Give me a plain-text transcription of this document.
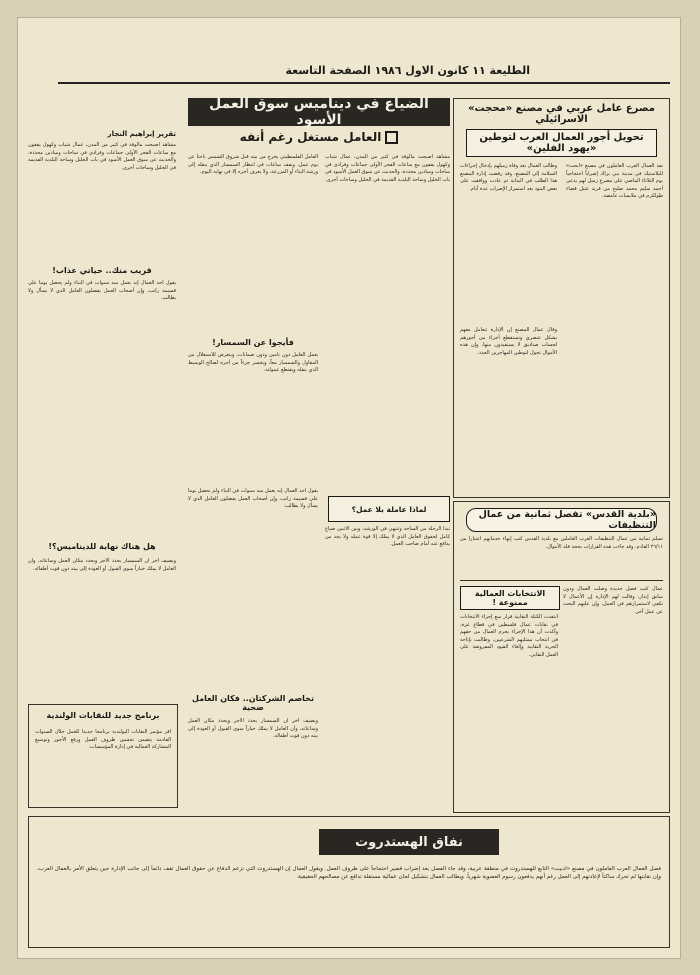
الطليعة ١١ كانون الاول ١٩٨٦ الصفحة التاسعة
مصرع عامل عربي في مصنع «محجت» الاسرائيلي
تحويل أجور العمال العرب لتوطين «يهود الفلين»
نفذ العمال العرب العاملون في مصنع «ابحت» للبلاستيك في مدينة بني براك إضراباً احتجاجياً يوم الثلاثاء الماضي على مصرع زميل لهم يدعى أحمد سليم محمد صليح من قرية عتيل قضاء طولكرم في ملابسات غامضة.
وطالب العمال بعد وفاة زميلهم بإدخال إجراءات السلامة إلى المصنع، وقد رفضت إدارة المصنع هذا الطلب في البداية ثم عادت ووافقت على بعض البنود بعد استمرار الإضراب عدة أيام.
وقال عمال المصنع إن الإدارة تتعامل معهم بشكل عنصري وتستقطع أجزاء من أجورهم لحساب صناديق لا يستفيدون منها، وإن هذه الأموال تحول لتوطين المهاجرين الجدد.
«بلدية القدس» تفصل ثمانية من عمال التنظيفات
تسلم ثمانية من عمال التنظيفات العرب العاملين مع بلدية القدس كتب إنهاء خدماتهم اعتباراً من ٢٦/١١ القادم، وقد جاءت هذه القرارات بحجة قلة الأموال.
عمال كتب فصل جديدة وصلت العمال ودون سابق إنذار، وقالت لهم الإدارة إن الأعمال لا تكفي لاستمرارهم في العمل، وإن عليهم البحث عن عمل آخر.
الانتخابات العمالية ممنوعة !
انتقدت الكتلة النقابية قرار منع إجراء الانتخابات في نقابات عمال فلسطين في قطاع غزة، وأكدت أن هذا الإجراء يحرم العمال من حقهم في انتخاب ممثليهم الشرعيين، وطالبت بإتاحة الحرية النقابية وإلغاء القيود المفروضة على العمل النقابي.
الضياع في ديناميس سوق العمل الأسود
العامل مستغل رغم أنفه
مشاهد أصبحت مألوفة في كثير من المدن، عمال شباب وكهول يقفون مع ساعات الفجر الأولى جماعات وفرادى في ساحات وميادين محددة، والحديث عن سوق العمل الأسود في باب الخليل وساحة البلدية القديمة في الخليل وساحات أخرى.
العامل الفلسطيني يخرج من بيته قبل شروق الشمس باحثاً عن يوم عمل، ويقف ساعات في انتظار السمسار الذي ينقله إلى ورشة البناء أو المزرعة، ولا يعرف أجره إلا في نهاية اليوم.
فأيجوا عن السمسار!
يعمل العامل دون تأمين ودون ضمانات، ويتعرض للاستغلال من المقاول والسمسار معاً، ويخسر جزءاً من أجره لصالح الوسيط الذي ينقله ويقتطع عمولته.
لماذا عاملة بلا عمل؟
تبدأ الرحلة من الساحة وتنتهي في الورشة، وبين الاثنين ضياع كامل لحقوق العامل الذي لا يملك إلا قوة عمله ولا يجد من يدافع عنه أمام صاحب العمل.
يقول أحد العمال إنه يعمل منذ سنوات في البناء ولم يحصل يوماً على قسيمة راتب، وإن أصحاب العمل يفضلون العامل الذي لا يسأل ولا يطالب.
تخاصم الشركتان.. فكان العامل ضحية
ويضيف آخر أن السمسار يحدد الأجر ويحدد مكان العمل وساعاته، وأن العامل لا يملك خياراً سوى القبول أو العودة إلى بيته دون قوت أطفاله.
تقرير إبراهيم النجار
مشاهد أصبحت مألوفة في كثير من المدن، عمال شباب وكهول يقفون مع ساعات الفجر الأولى جماعات وفرادى في ساحات وميادين محددة، والحديث عن سوق العمل الأسود في باب الخليل وساحة البلدية القديمة في الخليل وساحات أخرى.
قريب منك.. حياتي عذاب!
يقول أحد العمال إنه يعمل منذ سنوات في البناء ولم يحصل يوماً على قسيمة راتب، وإن أصحاب العمل يفضلون العامل الذي لا يسأل ولا يطالب.
هل هناك نهاية للديناميس؟!
ويضيف آخر أن السمسار يحدد الأجر ويحدد مكان العمل وساعاته، وأن العامل لا يملك خياراً سوى القبول أو العودة إلى بيته دون قوت أطفاله.
برنامج جديد للنقابات الولندية
أقر مؤتمر النقابات البولندية برنامجاً جديداً للعمل خلال السنوات القادمة يتضمن تحسين ظروف العمل ورفع الأجور وتوسيع المشاركة العمالية في إدارة المؤسسات.
نفاق الهستدروت
فصل العمال العرب العاملون في مصنع «ادبيت» التابع للهستدروت في منطقة عربية، وقد جاء الفصل بعد إضراب قصير احتجاجاً على ظروف العمل. ويقول العمال إن الهستدروت التي تزعم الدفاع عن حقوق العمال تقف دائماً إلى جانب الإدارة حين يتعلق الأمر بالعمال العرب، وإن نقابتها لم تحرك ساكناً لإعادتهم إلى العمل رغم أنهم يدفعون رسوم العضوية شهرياً. ويطالب العمال بتشكيل لجان عمالية مستقلة تدافع عن مصالحهم الحقيقية.
